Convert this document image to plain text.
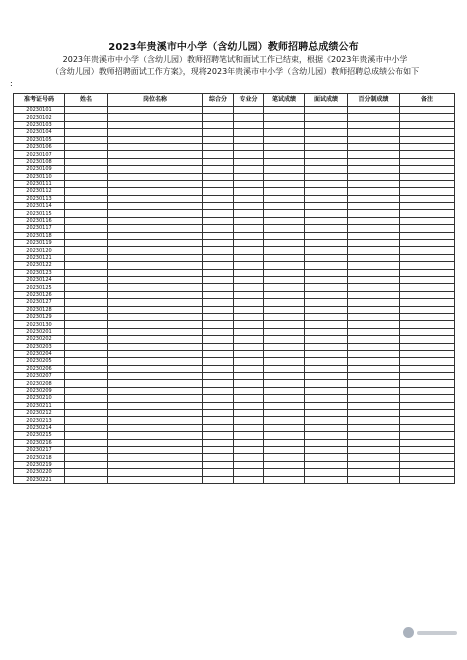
2023年贵溪市中小学（含幼儿园）教师招聘总成绩公布
2023年贵溪市中小学（含幼儿园）教师招聘笔试和面试工作已结束，根据《2023年贵溪市中小学
（含幼儿园）教师招聘面试工作方案》，现将2023年贵溪市中小学（含幼儿园）教师招聘总成绩公布如下
:
准考证号码	姓名	岗位名称	综合分	专业分	笔试成绩	面试成绩	百分制成绩	备注
20230101								
20230102								
20230103								
20230104								
20230105								
20230106								
20230107								
20230108								
20230109								
20230110								
20230111								
20230112								
20230113								
20230114								
20230115								
20230116								
20230117								
20230118								
20230119								
20230120								
20230121								
20230122								
20230123								
20230124								
20230125								
20230126								
20230127								
20230128								
20230129								
20230130								
20230201								
20230202								
20230203								
20230204								
20230205								
20230206								
20230207								
20230208								
20230209								
20230210								
20230211								
20230212								
20230213								
20230214								
20230215								
20230216								
20230217								
20230218								
20230219								
20230220								
20230221								
